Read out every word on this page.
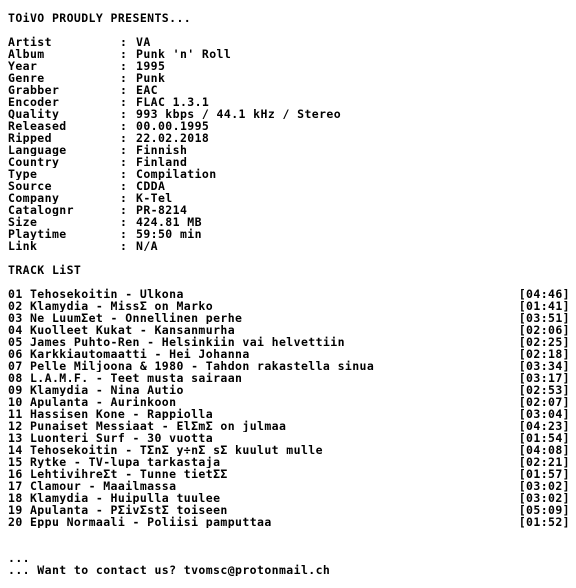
TOiVO PROUDLY PRESENTS...
Artist	: VA
Album	: Punk 'n' Roll
Year	: 1995
Genre	: Punk
Grabber	: EAC
Encoder	: FLAC 1.3.1
Quality	: 993 kbps / 44.1 kHz / Stereo
Released	: 00.00.1995
Ripped	: 22.02.2018
Language	: Finnish
Country	: Finland
Type	: Compilation
Source	: CDDA
Company	: K-Tel
Catalognr	: PR-8214
Size	: 424.81 MB
Playtime	: 59:50 min
Link	: N/A
TRACK LiST
01 Tehosekoitin - Ulkona	[04:46]
02 Klamydia - MissΣ on Marko	[01:41]
03 Ne LuumΣet - Onnellinen perhe	[03:51]
04 Kuolleet Kukat - Kansanmurha	[02:06]
05 James Puhto-Ren - Helsinkiin vai helvettiin	[02:25]
06 Karkkiautomaatti - Hei Johanna	[02:18]
07 Pelle Miljoona & 1980 - Tahdon rakastella sinua	[03:34]
08 L.A.M.F. - Teet musta sairaan	[03:17]
09 Klamydia - Nina Autio	[02:53]
10 Apulanta - Aurinkoon	[02:07]
11 Hassisen Kone - Rappiolla	[03:04]
12 Punaiset Messiaat - ElΣmΣ on julmaa	[04:23]
13 Luonteri Surf - 30 vuotta	[01:54]
14 Tehosekoitin - TΣnΣ y÷nΣ sΣ kuulut mulle	[04:08]
15 Rytke - TV-lupa tarkastaja	[02:21]
16 LehtivihreΣt - Tunne tietΣΣ	[01:57]
17 Clamour - Maailmassa	[03:02]
18 Klamydia - Huipulla tuulee	[03:02]
19 Apulanta - PΣivΣstΣ toiseen	[05:09]
20 Eppu Normaali - Poliisi pamputtaa	[01:52]
...
... Want to contact us? tvomsc@protonmail.ch
